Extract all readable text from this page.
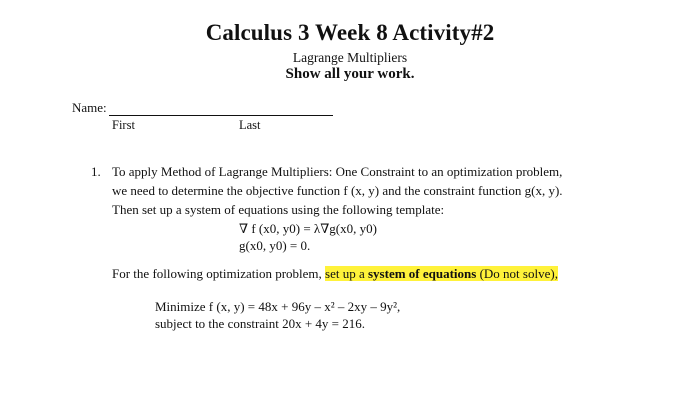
Calculus 3 Week 8 Activity#2
Lagrange Multipliers
Show all your work.
Name:
First	Last
1. To apply Method of Lagrange Multipliers: One Constraint to an optimization problem,
we need to determine the objective function f (x, y) and the constraint function g(x, y).
Then set up a system of equations using the following template:
∇ f (x0, y0) = λ∇g(x0, y0)
g(x0, y0) = 0.
For the following optimization problem, set up a system of equations (Do not solve),
Minimize f (x, y) = 48x + 96y – x² – 2xy – 9y²,
subject to the constraint 20x + 4y = 216.
